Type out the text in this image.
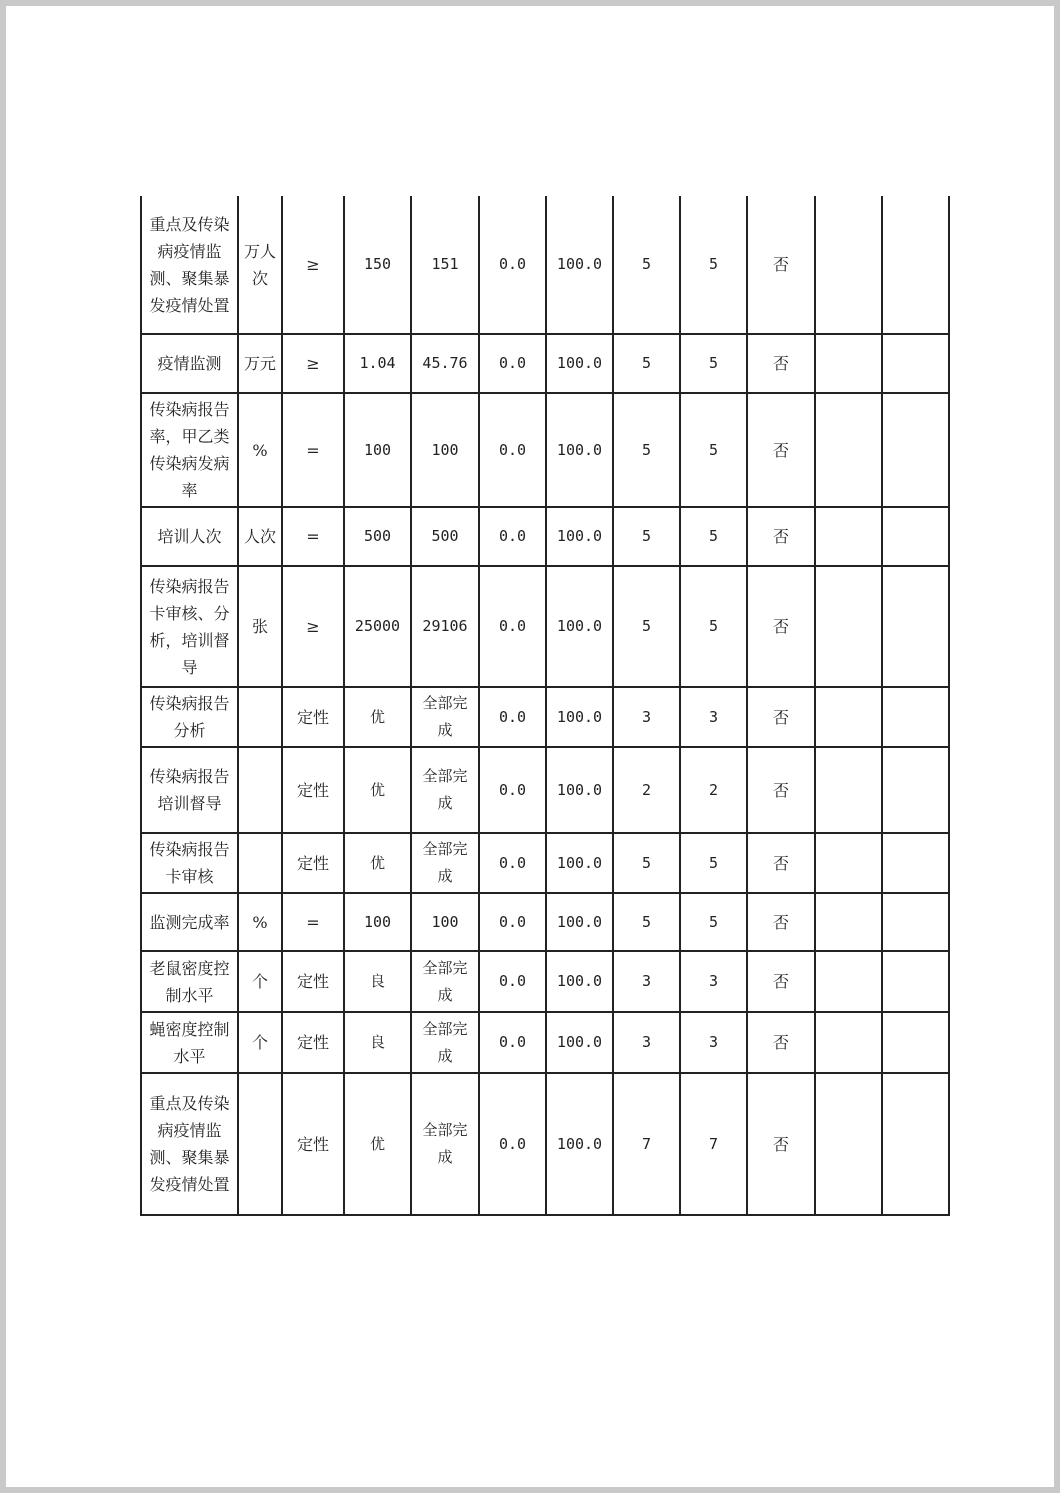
重点及传染病疫情监测、聚集暴发疫情处置	万人次	≥	150	151	0.0	100.0	5	5	否		
疫情监测	万元	≥	1.04	45.76	0.0	100.0	5	5	否		
传染病报告率，甲乙类传染病发病率	%	=	100	100	0.0	100.0	5	5	否		
培训人次	人次	=	500	500	0.0	100.0	5	5	否		
传染病报告卡审核、分析，培训督导	张	≥	25000	29106	0.0	100.0	5	5	否		
传染病报告分析		定性	优	全部完成	0.0	100.0	3	3	否		
传染病报告培训督导		定性	优	全部完成	0.0	100.0	2	2	否		
传染病报告卡审核		定性	优	全部完成	0.0	100.0	5	5	否		
监测完成率	%	=	100	100	0.0	100.0	5	5	否		
老鼠密度控制水平	个	定性	良	全部完成	0.0	100.0	3	3	否		
蝇密度控制水平	个	定性	良	全部完成	0.0	100.0	3	3	否		
重点及传染病疫情监测、聚集暴发疫情处置		定性	优	全部完成	0.0	100.0	7	7	否		
